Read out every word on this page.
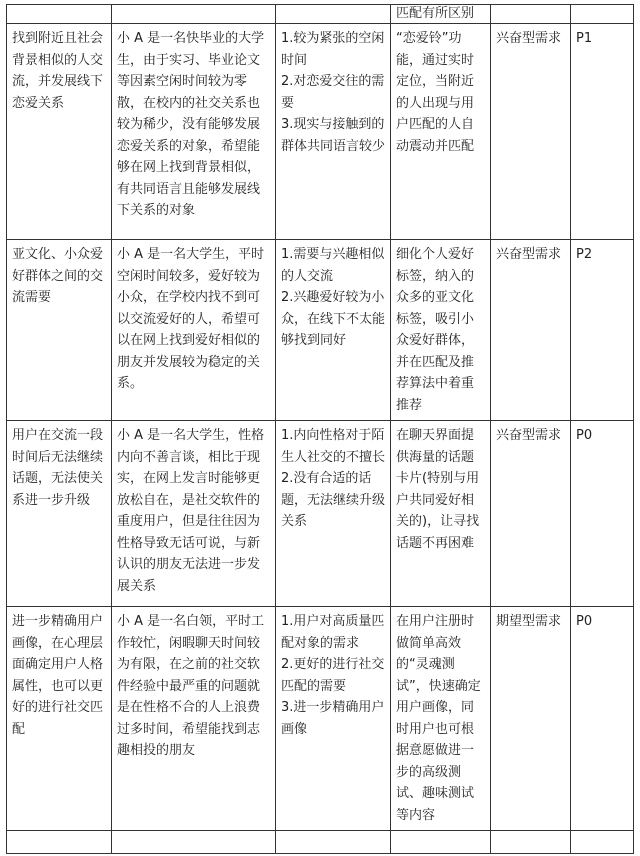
			匹配有所区别		
找到附近且社会背景相似的人交流，并发展线下恋爱关系	小 A 是一名快毕业的大学生，由于实习、毕业论文等因素空闲时间较为零散，在校内的社交关系也较为稀少，没有能够发展恋爱关系的对象，希望能够在网上找到背景相似，有共同语言且能够发展线下关系的对象	1.较为紧张的空闲时间
2.对恋爱交往的需要
3.现实与接触到的群体共同语言较少	“恋爱铃”功能，通过实时定位，当附近的人出现与用户匹配的人自动震动并匹配	兴奋型需求	P1
亚文化、小众爱好群体之间的交流需要	小 A 是一名大学生，平时空闲时间较多，爱好较为小众，在学校内找不到可以交流爱好的人，希望可以在网上找到爱好相似的朋友并发展较为稳定的关系。	1.需要与兴趣相似的人交流
2.兴趣爱好较为小众，在线下不太能够找到同好	细化个人爱好标签，纳入的众多的亚文化标签，吸引小众爱好群体，并在匹配及推荐算法中着重推荐	兴奋型需求	P2
用户在交流一段时间后无法继续话题，无法使关系进一步升级	小 A 是一名大学生，性格内向不善言谈，相比于现实，在网上发言时能够更放松自在，是社交软件的重度用户，但是往往因为性格导致无话可说，与新认识的朋友无法进一步发展关系	1.内向性格对于陌生人社交的不擅长
2.没有合适的话题，无法继续升级关系	在聊天界面提供海量的话题卡片(特别与用户共同爱好相关的)，让寻找话题不再困难	兴奋型需求	P0
进一步精确用户画像，在心理层面确定用户人格属性，也可以更好的进行社交匹配	小 A 是一名白领，平时工作较忙，闲暇聊天时间较为有限，在之前的社交软件经验中最严重的问题就是在性格不合的人上浪费过多时间，希望能找到志趣相投的朋友	1.用户对高质量匹配对象的需求
2.更好的进行社交匹配的需要
3.进一步精确用户画像	在用户注册时做简单高效的“灵魂测试”，快速确定用户画像，同时用户也可根据意愿做进一步的高级测试、趣味测试等内容	期望型需求	P0
